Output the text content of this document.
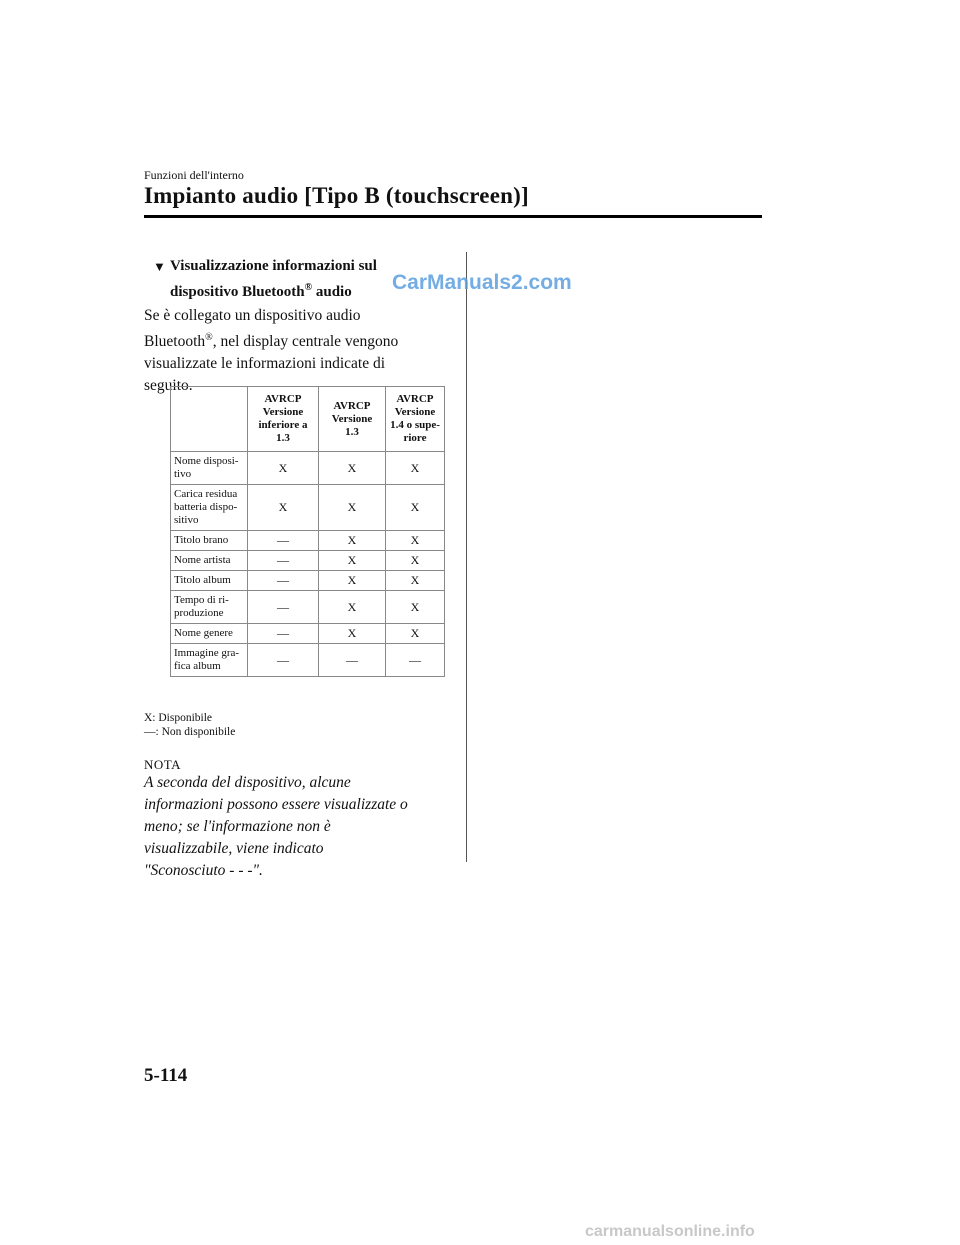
Funzioni dell'interno
Impianto audio [Tipo B (touchscreen)]
▼ Visualizzazione informazioni sul
dispositivo Bluetooth® audio
Se è collegato un dispositivo audio
Bluetooth®, nel display centrale vengono
visualizzate le informazioni indicate di
seguito.
CarManuals2.com
	AVRCP
Versione
inferiore a
1.3	AVRCP
Versione
1.3	AVRCP
Versione
1.4 o supe-
riore
Nome disposi-
tivo	X	X	X
Carica residua
batteria dispo-
sitivo	X	X	X
Titolo brano	—	X	X
Nome artista	—	X	X
Titolo album	—	X	X
Tempo di ri-
produzione	—	X	X
Nome genere	—	X	X
Immagine gra-
fica album	—	—	—
X: Disponibile
—: Non disponibile
NOTA
A seconda del dispositivo, alcune
informazioni possono essere visualizzate o
meno; se l'informazione non è
visualizzabile, viene indicato
"Sconosciuto - - -".
5-114
carmanualsonline.info
